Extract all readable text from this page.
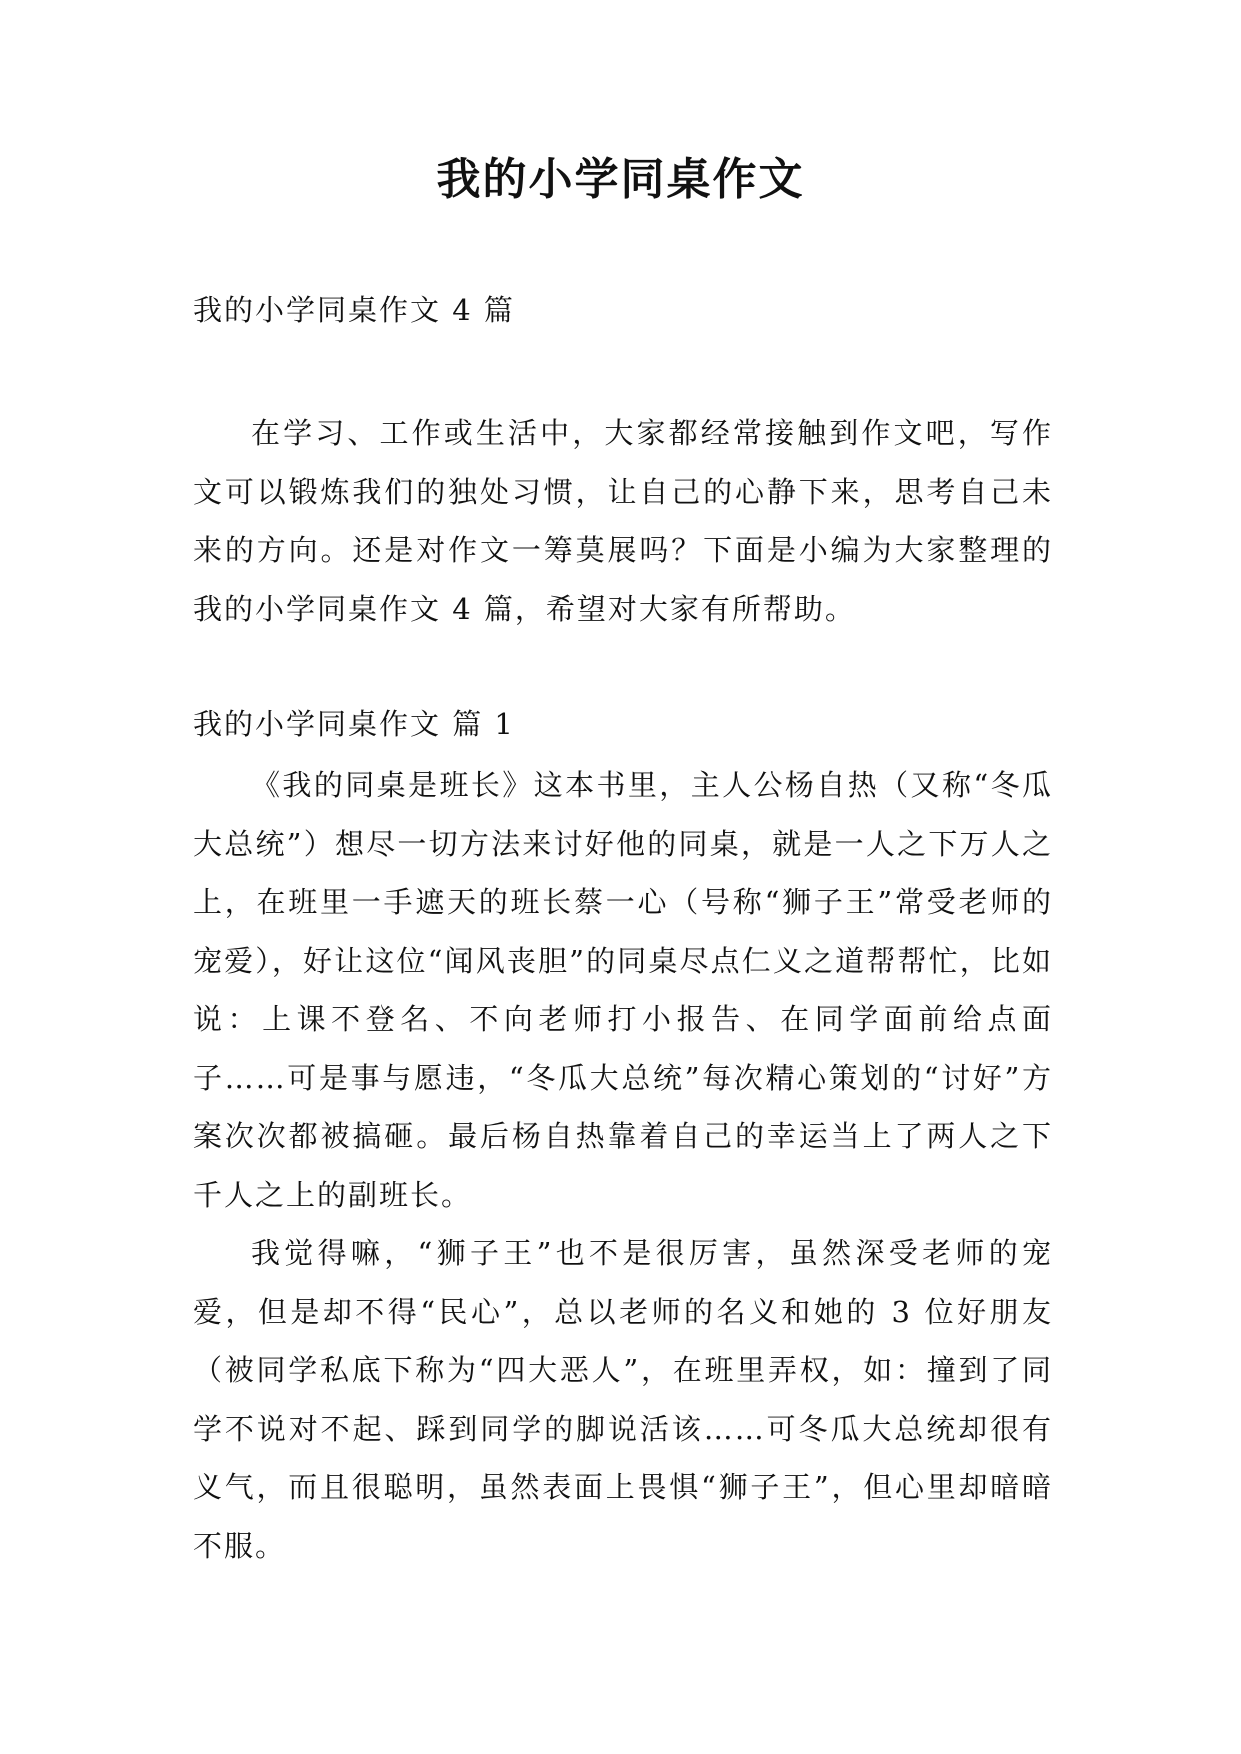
我的小学同桌作文
我的小学同桌作文 4 篇

在学习、工作或生活中，大家都经常接触到作文吧，写作文可以锻炼我们的独处习惯，让自己的心静下来，思考自己未来的方向。还是对作文一筹莫展吗？下面是小编为大家整理的我的小学同桌作文 4 篇，希望对大家有所帮助。

我的小学同桌作文 篇 1

《我的同桌是班长》这本书里，主人公杨自热（又称“冬瓜大总统”）想尽一切方法来讨好他的同桌，就是一人之下万人之上，在班里一手遮天的班长蔡一心（号称“狮子王”常受老师的宠爱），好让这位“闻风丧胆”的同桌尽点仁义之道帮帮忙，比如说：上课不登名、不向老师打小报告、在同学面前给点面子……可是事与愿违，“冬瓜大总统”每次精心策划的“讨好”方案次次都被搞砸。最后杨自热靠着自己的幸运当上了两人之下千人之上的副班长。

我觉得嘛，“狮子王”也不是很厉害，虽然深受老师的宠爱，但是却不得“民心”，总以老师的名义和她的 3 位好朋友（被同学私底下称为“四大恶人”，在班里弄权，如：撞到了同学不说对不起、踩到同学的脚说活该……可冬瓜大总统却很有义气，而且很聪明，虽然表面上畏惧“狮子王”，但心里却暗暗不服。
